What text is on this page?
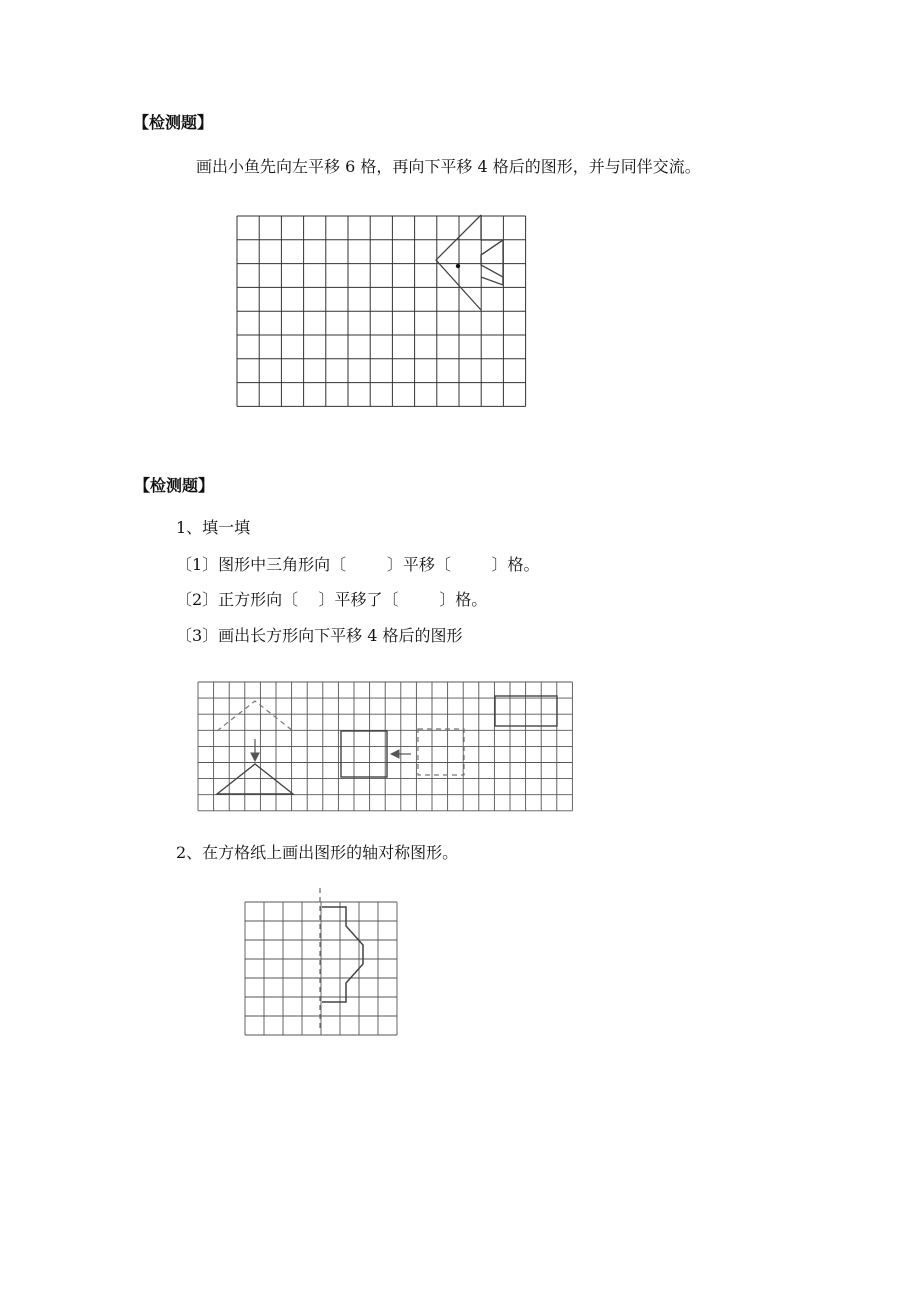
【检测题】
画出小鱼先向左平移 6 格，再向下平移 4 格后的图形，并与同伴交流。
【检测题】
1、填一填
〔1〕图形中三角形向〔        〕平移〔        〕格。
〔2〕正方形向〔    〕平移了〔        〕格。
〔3〕画出长方形向下平移 4 格后的图形
2、在方格纸上画出图形的轴对称图形。
